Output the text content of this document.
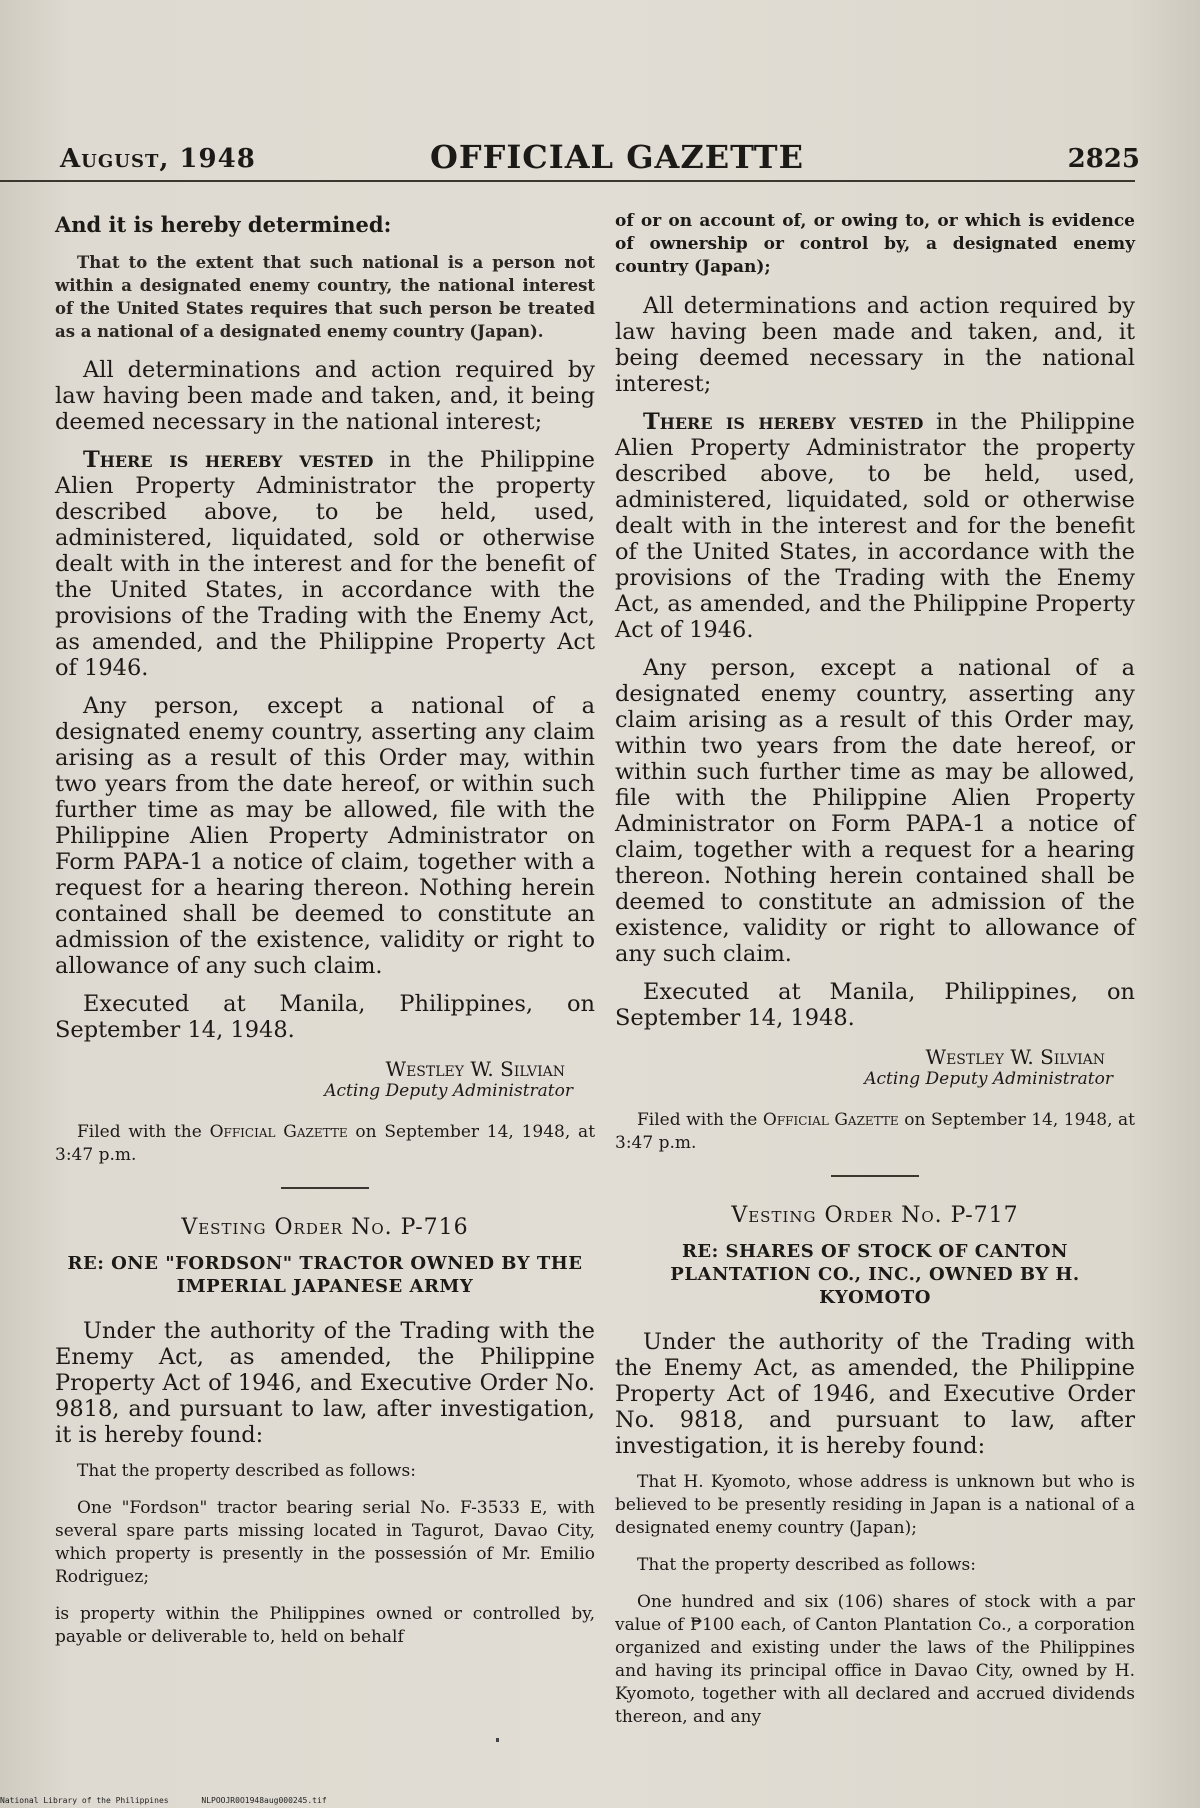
August, 1948	OFFICIAL GAZETTE	2825

And it is hereby determined:

That to the extent that such national is a person not within a designated enemy country, the national interest of the United States requires that such person be treated as a national of a designated enemy country (Japan).

All determinations and action required by law having been made and taken, and, it being deemed necessary in the national interest;

There is hereby vested in the Philippine Alien Property Administrator the property described above, to be held, used, administered, liquidated, sold or otherwise dealt with in the interest and for the benefit of the United States, in accordance with the provisions of the Trading with the Enemy Act, as amended, and the Philippine Property Act of 1946.

Any person, except a national of a designated enemy country, asserting any claim arising as a result of this Order may, within two years from the date hereof, or within such further time as may be allowed, file with the Philippine Alien Property Administrator on Form PAPA-1 a notice of claim, together with a request for a hearing thereon. Nothing herein contained shall be deemed to constitute an admission of the existence, validity or right to allowance of any such claim.

Executed at Manila, Philippines, on September 14, 1948.

Westley W. Silvian

Acting Deputy Administrator

Filed with the Official Gazette on September 14, 1948, at 3:47 p.m.

Vesting Order No. P-716

RE: ONE "FORDSON" TRACTOR OWNED BY THE IMPERIAL JAPANESE ARMY

Under the authority of the Trading with the Enemy Act, as amended, the Philippine Property Act of 1946, and Executive Order No. 9818, and pursuant to law, after investigation, it is hereby found:

That the property described as follows:

One "Fordson" tractor bearing serial No. F-3533 E, with several spare parts missing located in Tagurot, Davao City, which property is presently in the possessión of Mr. Emilio Rodriguez;

is property within the Philippines owned or controlled by, payable or deliverable to, held on behalf

of or on account of, or owing to, or which is evidence of ownership or control by, a designated enemy country (Japan);

All determinations and action required by law having been made and taken, and, it being deemed necessary in the national interest;

There is hereby vested in the Philippine Alien Property Administrator the property described above, to be held, used, administered, liquidated, sold or otherwise dealt with in the interest and for the benefit of the United States, in accordance with the provisions of the Trading with the Enemy Act, as amended, and the Philippine Property Act of 1946.

Any person, except a national of a designated enemy country, asserting any claim arising as a result of this Order may, within two years from the date hereof, or within such further time as may be allowed, file with the Philippine Alien Property Administrator on Form PAPA-1 a notice of claim, together with a request for a hearing thereon. Nothing herein contained shall be deemed to constitute an admission of the existence, validity or right to allowance of any such claim.

Executed at Manila, Philippines, on September 14, 1948.

Westley W. Silvian

Acting Deputy Administrator

Filed with the Official Gazette on September 14, 1948, at 3:47 p.m.

Vesting Order No. P-717

RE: SHARES OF STOCK OF CANTON PLANTATION CO., INC., OWNED BY H. KYOMOTO

Under the authority of the Trading with the Enemy Act, as amended, the Philippine Property Act of 1946, and Executive Order No. 9818, and pursuant to law, after investigation, it is hereby found:

That H. Kyomoto, whose address is unknown but who is believed to be presently residing in Japan is a national of a designated enemy country (Japan);

That the property described as follows:

One hundred and six (106) shares of stock with a par value of ₱100 each, of Canton Plantation Co., a corporation organized and existing under the laws of the Philippines and having its principal office in Davao City, owned by H. Kyomoto, together with all declared and accrued dividends thereon, and any

National Library of the Philippines	NLPOOJR0O1948aug000245.tif
